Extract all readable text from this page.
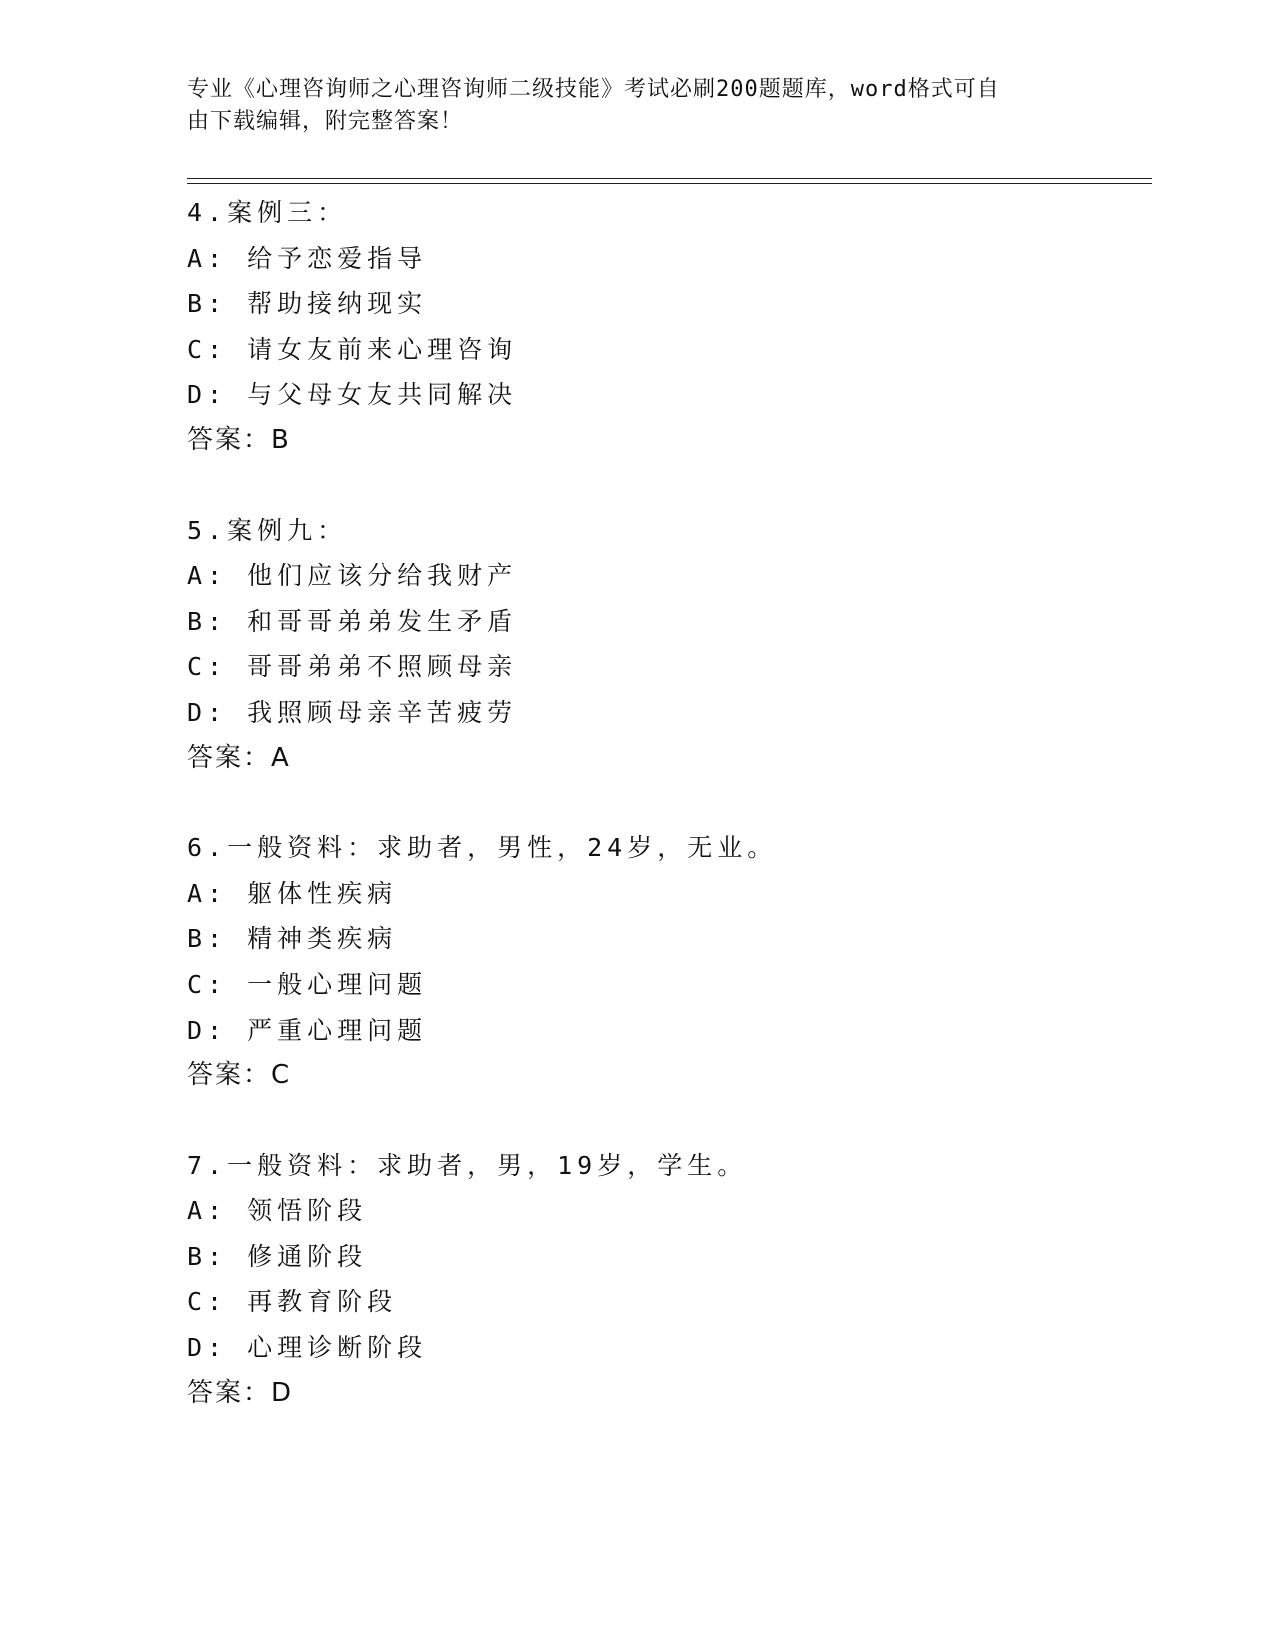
专业《心理咨询师之心理咨询师二级技能》考试必刷200题题库，word格式可自
由下载编辑，附完整答案！
4.案例三：
A: 给予恋爱指导
B: 帮助接纳现实
C: 请女友前来心理咨询
D: 与父母女友共同解决
答案：B
5.案例九：
A: 他们应该分给我财产
B: 和哥哥弟弟发生矛盾
C: 哥哥弟弟不照顾母亲
D: 我照顾母亲辛苦疲劳
答案：A
6.一般资料：求助者，男性，24岁，无业。
A: 躯体性疾病
B: 精神类疾病
C: 一般心理问题
D: 严重心理问题
答案：C
7.一般资料：求助者，男，19岁，学生。
A: 领悟阶段
B: 修通阶段
C: 再教育阶段
D: 心理诊断阶段
答案：D
